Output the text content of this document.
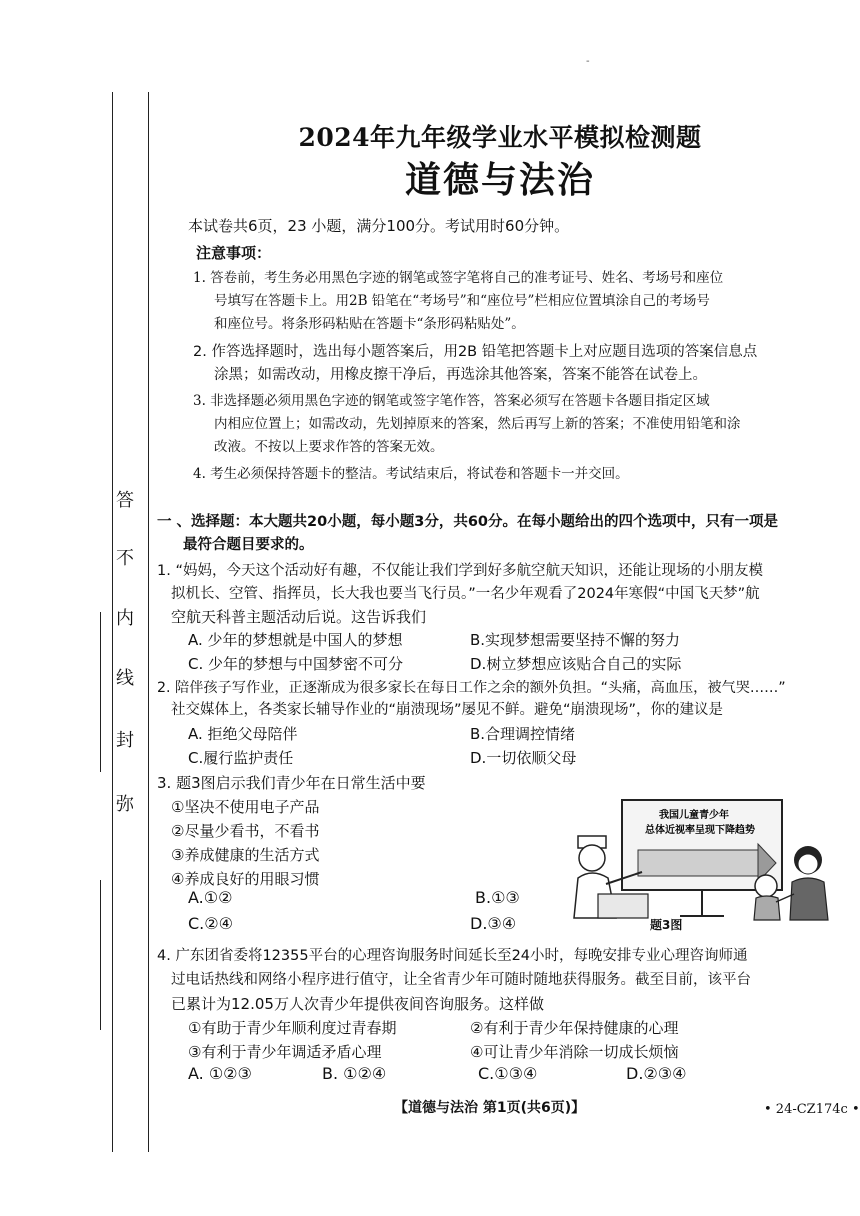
-
答
不
内
线
封
弥
2024年九年级学业水平模拟检测题
道德与法治
本试卷共6页，23 小题，满分100分。考试用时60分钟。
注意事项：
1. 答卷前，考生务必用黑色字迹的钢笔或签字笔将自己的准考证号、姓名、考场号和座位
号填写在答题卡上。用2B 铅笔在“考场号”和“座位号”栏相应位置填涂自己的考场号
和座位号。将条形码粘贴在答题卡“条形码粘贴处”。
2. 作答选择题时，选出每小题答案后，用2B 铅笔把答题卡上对应题目选项的答案信息点
涂黑；如需改动，用橡皮擦干净后，再选涂其他答案，答案不能答在试卷上。
3. 非选择题必须用黑色字迹的钢笔或签字笔作答，答案必须写在答题卡各题目指定区域
内相应位置上；如需改动，先划掉原来的答案，然后再写上新的答案；不准使用铅笔和涂
改液。不按以上要求作答的答案无效。
4. 考生必须保持答题卡的整洁。考试结束后，将试卷和答题卡一并交回。
一 、选择题：本大题共20小题，每小题3分，共60分。在每小题给出的四个选项中，只有一项是
最符合题目要求的。
1. “妈妈，今天这个活动好有趣，不仅能让我们学到好多航空航天知识，还能让现场的小朋友模
拟机长、空管、指挥员，长大我也要当飞行员。”一名少年观看了2024年寒假“中国飞天梦”航
空航天科普主题活动后说。这告诉我们
A. 少年的梦想就是中国人的梦想	B.实现梦想需要坚持不懈的努力
C. 少年的梦想与中国梦密不可分	D.树立梦想应该贴合自己的实际
2. 陪伴孩子写作业，正逐渐成为很多家长在每日工作之余的额外负担。“头痛，高血压，被气哭……”
社交媒体上，各类家长辅导作业的“崩溃现场”屡见不鲜。避免“崩溃现场”，你的建议是
A. 拒绝父母陪伴	B.合理调控情绪
C.履行监护责任	D.一切依顺父母
3. 题3图启示我们青少年在日常生活中要
①坚决不使用电子产品
②尽量少看书，不看书
③养成健康的生活方式
④养成良好的用眼习惯
A.①②	B.①③
C.②④	D.③④
我国儿童青少年
总体近视率呈现下降趋势
题3图
4. 广东团省委将12355平台的心理咨询服务时间延长至24小时，每晚安排专业心理咨询师通
过电话热线和网络小程序进行值守，让全省青少年可随时随地获得服务。截至目前，该平台
已累计为12.05万人次青少年提供夜间咨询服务。这样做
①有助于青少年顺利度过青春期	②有利于青少年保持健康的心理
③有利于青少年调适矛盾心理	④可让青少年消除一切成长烦恼
A. ①②③	B. ①②④	C.①③④	D.②③④
【道德与法治 第1页(共6页)】	• 24-CZ174c •
